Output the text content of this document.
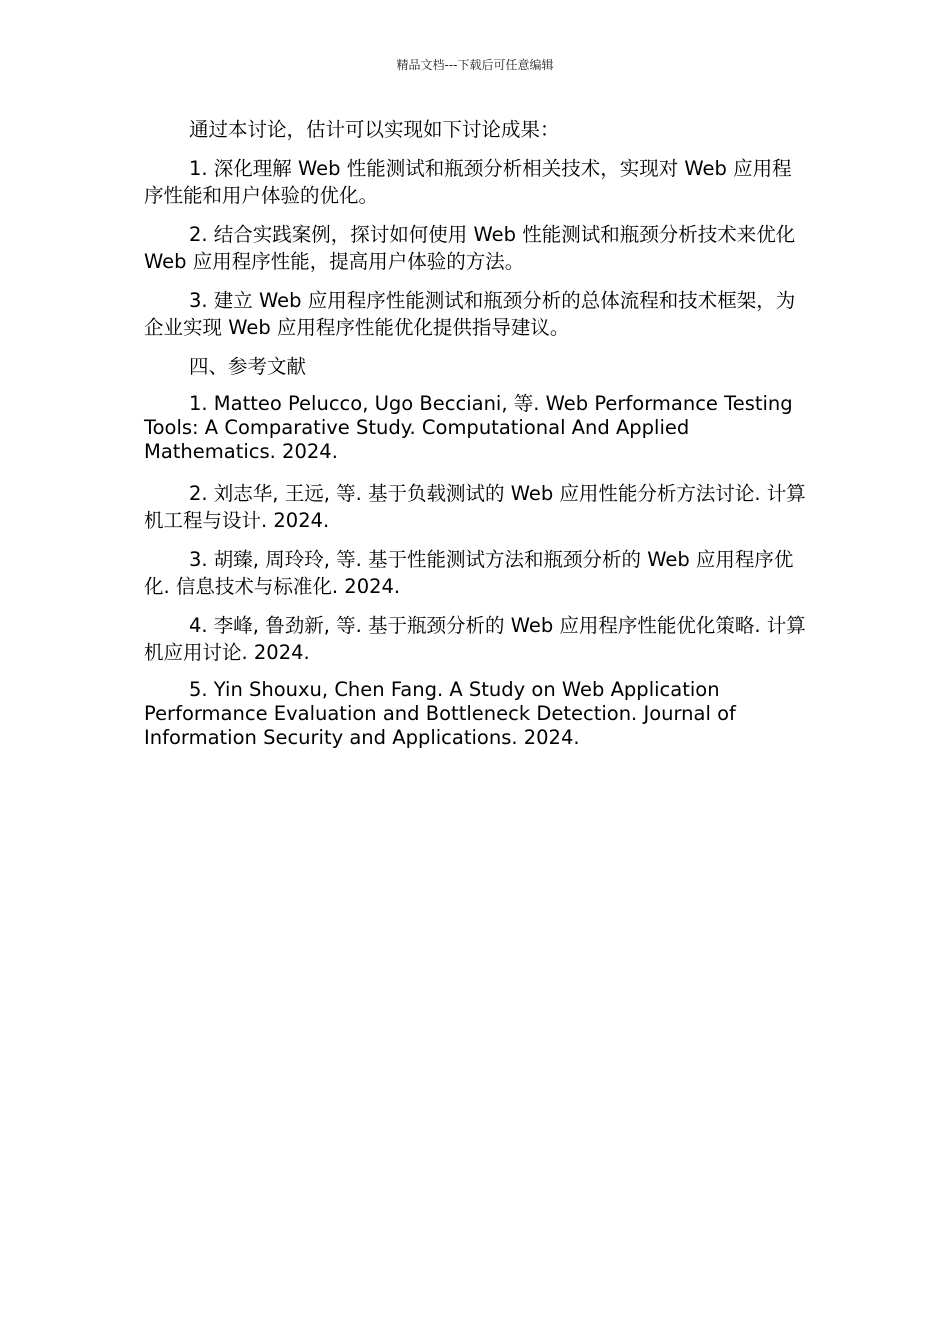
精品文档---下载后可任意编辑

通过本讨论，估计可以实现如下讨论成果：

1. 深化理解 Web 性能测试和瓶颈分析相关技术，实现对 Web 应用程序性能和用户体验的优化。

2. 结合实践案例，探讨如何使用 Web 性能测试和瓶颈分析技术来优化 Web 应用程序性能，提高用户体验的方法。

3. 建立 Web 应用程序性能测试和瓶颈分析的总体流程和技术框架，为企业实现 Web 应用程序性能优化提供指导建议。

四、参考文献

1. Matteo Pelucco, Ugo Becciani, 等. Web Performance Testing Tools: A Comparative Study. Computational And Applied Mathematics. 2024.

2. 刘志华, 王远, 等. 基于负载测试的 Web 应用性能分析方法讨论. 计算机工程与设计. 2024.

3. 胡臻, 周玲玲, 等. 基于性能测试方法和瓶颈分析的 Web 应用程序优化. 信息技术与标准化. 2024.

4. 李峰, 鲁劲新, 等. 基于瓶颈分析的 Web 应用程序性能优化策略. 计算机应用讨论. 2024.

5. Yin Shouxu, Chen Fang. A Study on Web Application Performance Evaluation and Bottleneck Detection. Journal of Information Security and Applications. 2024.
